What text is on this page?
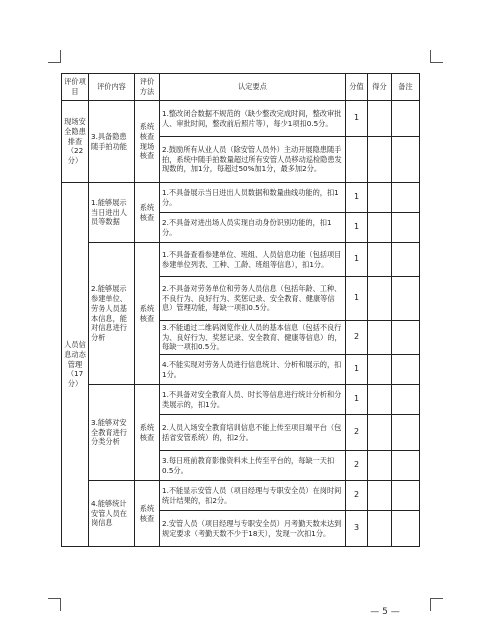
评价项目	评价内容	评价方法	认定要点	分值	得分	备注
现场安全隐患排查（22分）	3.具备隐患随手拍功能	系统核查 现场核查	1.整改闭合数据不规范的（缺少整改完成时间，整改审批人、审批时间，整改前后照片等），每少1项扣0.5分。	1		
			2.鼓励所有从业人员（除安管人员外）主动开展隐患随手拍，系统中随手拍数量超过所有安管人员移动巡检隐患发现数的，加1分，每超过50%加1分，最多加2分。			
人员信息动态管理（17分）	1.能够展示当日进出人员等数据	系统核查	1.不具备展示当日进出人员数据和数量曲线功能的，扣1分。	1		
			2.不具备对进出场人员实现自动身份识别功能的，扣1分。	1		
	2.能够展示参建单位、劳务人员基本信息，能对信息进行分析	系统核查	1.不具备查看参建单位、班组、人员信息功能（包括项目参建单位列表、工种、工龄、班组等信息），扣1分。	1		
			2.不具备对劳务单位和劳务人员信息（包括年龄、工种、不良行为、良好行为、奖惩记录、安全教育、健康等信息）管理功能，每缺一项扣0.5分。	1		
			3.不能通过二维码浏览作业人员的基本信息（包括不良行为、良好行为、奖惩记录、安全教育、健康等信息）的，每缺一项扣0.5分。	2		
			4.不能实现对劳务人员进行信息统计、分析和展示的，扣1分。	1		
	3.能够对安全教育进行分类分析	系统核查	1.不具备对安全教育人员、时长等信息进行统计分析和分类展示的，扣1分。	1		
			2.人员入场安全教育培训信息不能上传至项目端平台（包括省安管系统）的，扣2分。	2		
			3.每日班前教育影像资料未上传至平台的，每缺一天扣0.5分。	2		
	4.能够统计安管人员在岗信息	系统核查	1.不能显示安管人员（项目经理与专职安全员）在岗时间统计结果的，扣2分。	2		
			2.安管人员（项目经理与专职安全员）月考勤天数未达到规定要求（考勤天数不少于18天），发现一次扣1分。	3		
— 5 —
